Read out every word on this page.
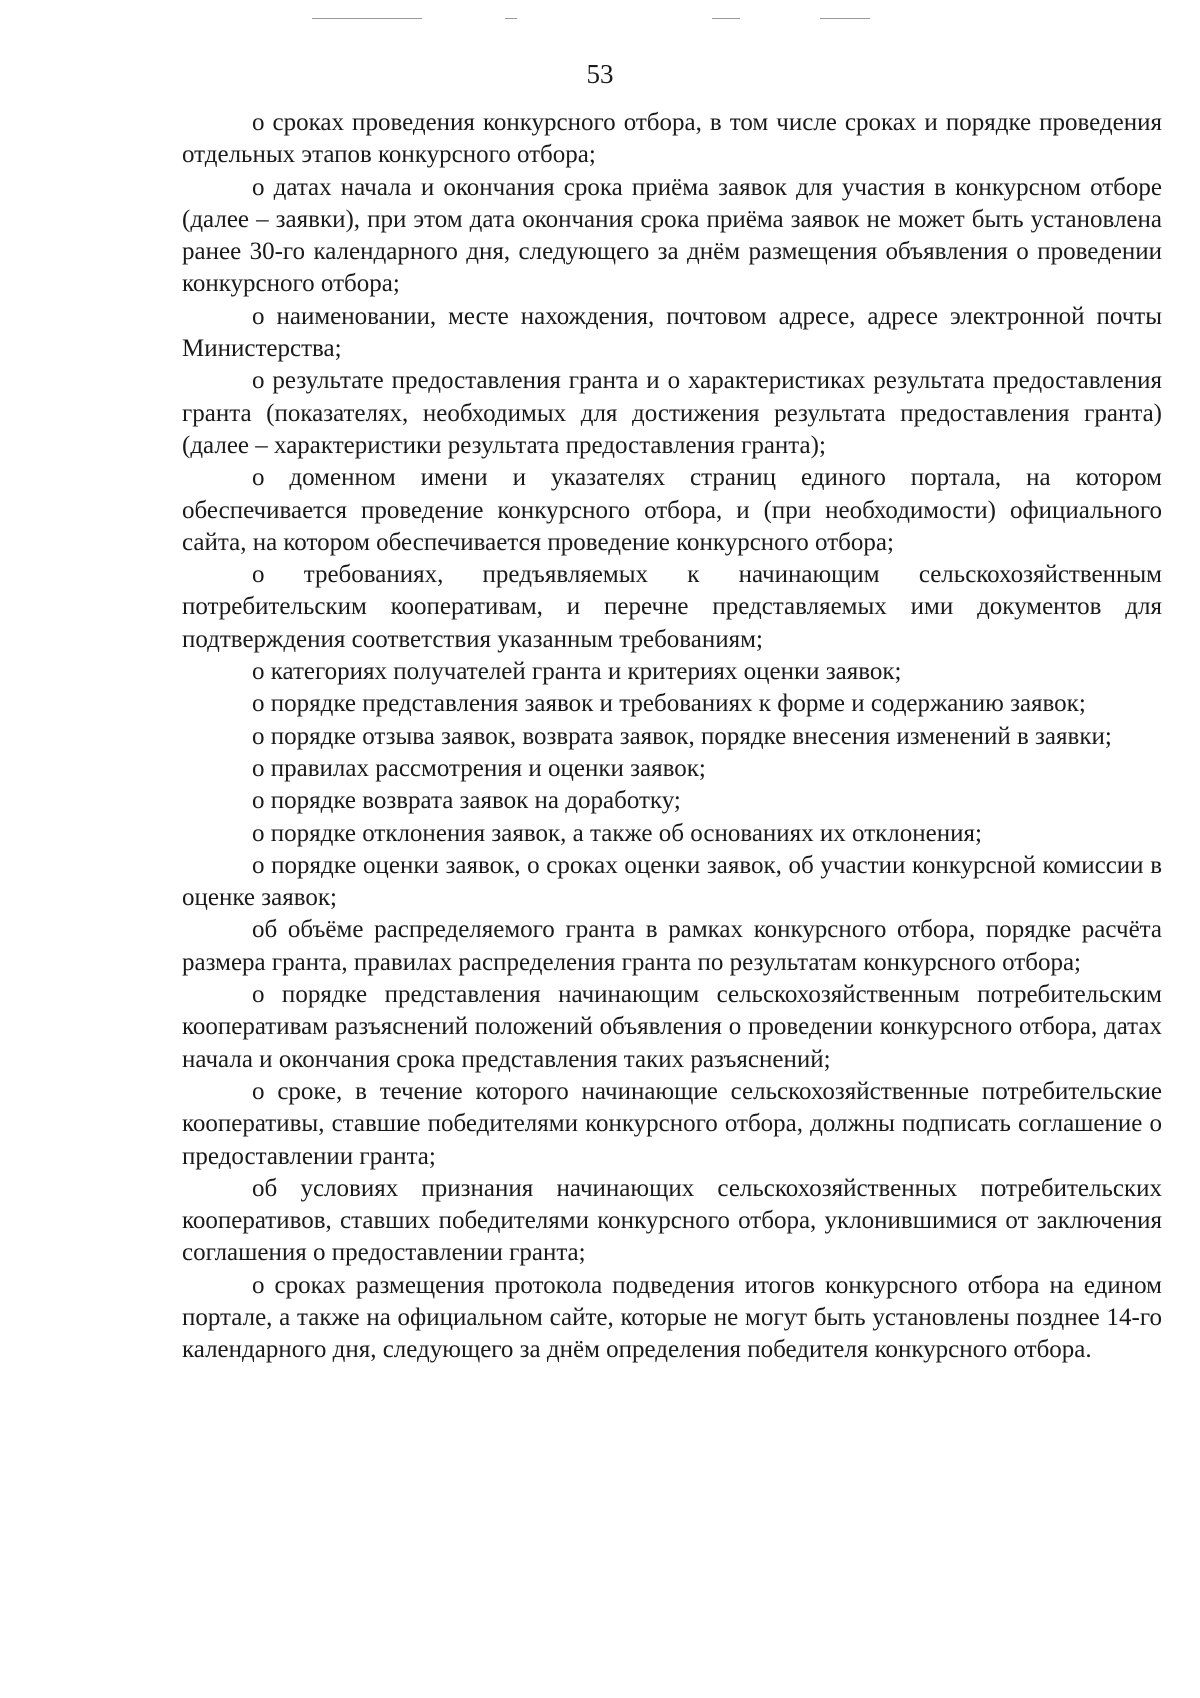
53

о сроках проведения конкурсного отбора, в том числе сроках и порядке проведения отдельных этапов конкурсного отбора;

о датах начала и окончания срока приёма заявок для участия в конкурсном отборе (далее – заявки), при этом дата окончания срока приёма заявок не может быть установлена ранее 30-го календарного дня, следующего за днём размещения объявления о проведении конкурсного отбора;

о наименовании, месте нахождения, почтовом адресе, адресе электронной почты Министерства;

о результате предоставления гранта и о характеристиках результата предоставления гранта (показателях, необходимых для достижения результата предоставления гранта) (далее – характеристики результата предоставления гранта);

о доменном имени и указателях страниц единого портала, на котором обеспечивается проведение конкурсного отбора, и (при необходимости) официального сайта, на котором обеспечивается проведение конкурсного отбора;

о требованиях, предъявляемых к начинающим сельскохозяйственным потребительским кооперативам, и перечне представляемых ими документов для подтверждения соответствия указанным требованиям;

о категориях получателей гранта и критериях оценки заявок;

о порядке представления заявок и требованиях к форме и содержанию заявок;

о порядке отзыва заявок, возврата заявок, порядке внесения изменений в заявки;

о правилах рассмотрения и оценки заявок;

о порядке возврата заявок на доработку;

о порядке отклонения заявок, а также об основаниях их отклонения;

о порядке оценки заявок, о сроках оценки заявок, об участии конкурсной комиссии в оценке заявок;

об объёме распределяемого гранта в рамках конкурсного отбора, порядке расчёта размера гранта, правилах распределения гранта по результатам конкурсного отбора;

о порядке представления начинающим сельскохозяйственным потребительским кооперативам разъяснений положений объявления о проведении конкурсного отбора, датах начала и окончания срока представления таких разъяснений;

о сроке, в течение которого начинающие сельскохозяйственные потребительские кооперативы, ставшие победителями конкурсного отбора, должны подписать соглашение о предоставлении гранта;

об условиях признания начинающих сельскохозяйственных потребительских кооперативов, ставших победителями конкурсного отбора, уклонившимися от заключения соглашения о предоставлении гранта;

о сроках размещения протокола подведения итогов конкурсного отбора на едином портале, а также на официальном сайте, которые не могут быть установлены позднее 14-го календарного дня, следующего за днём определения победителя конкурсного отбора.
